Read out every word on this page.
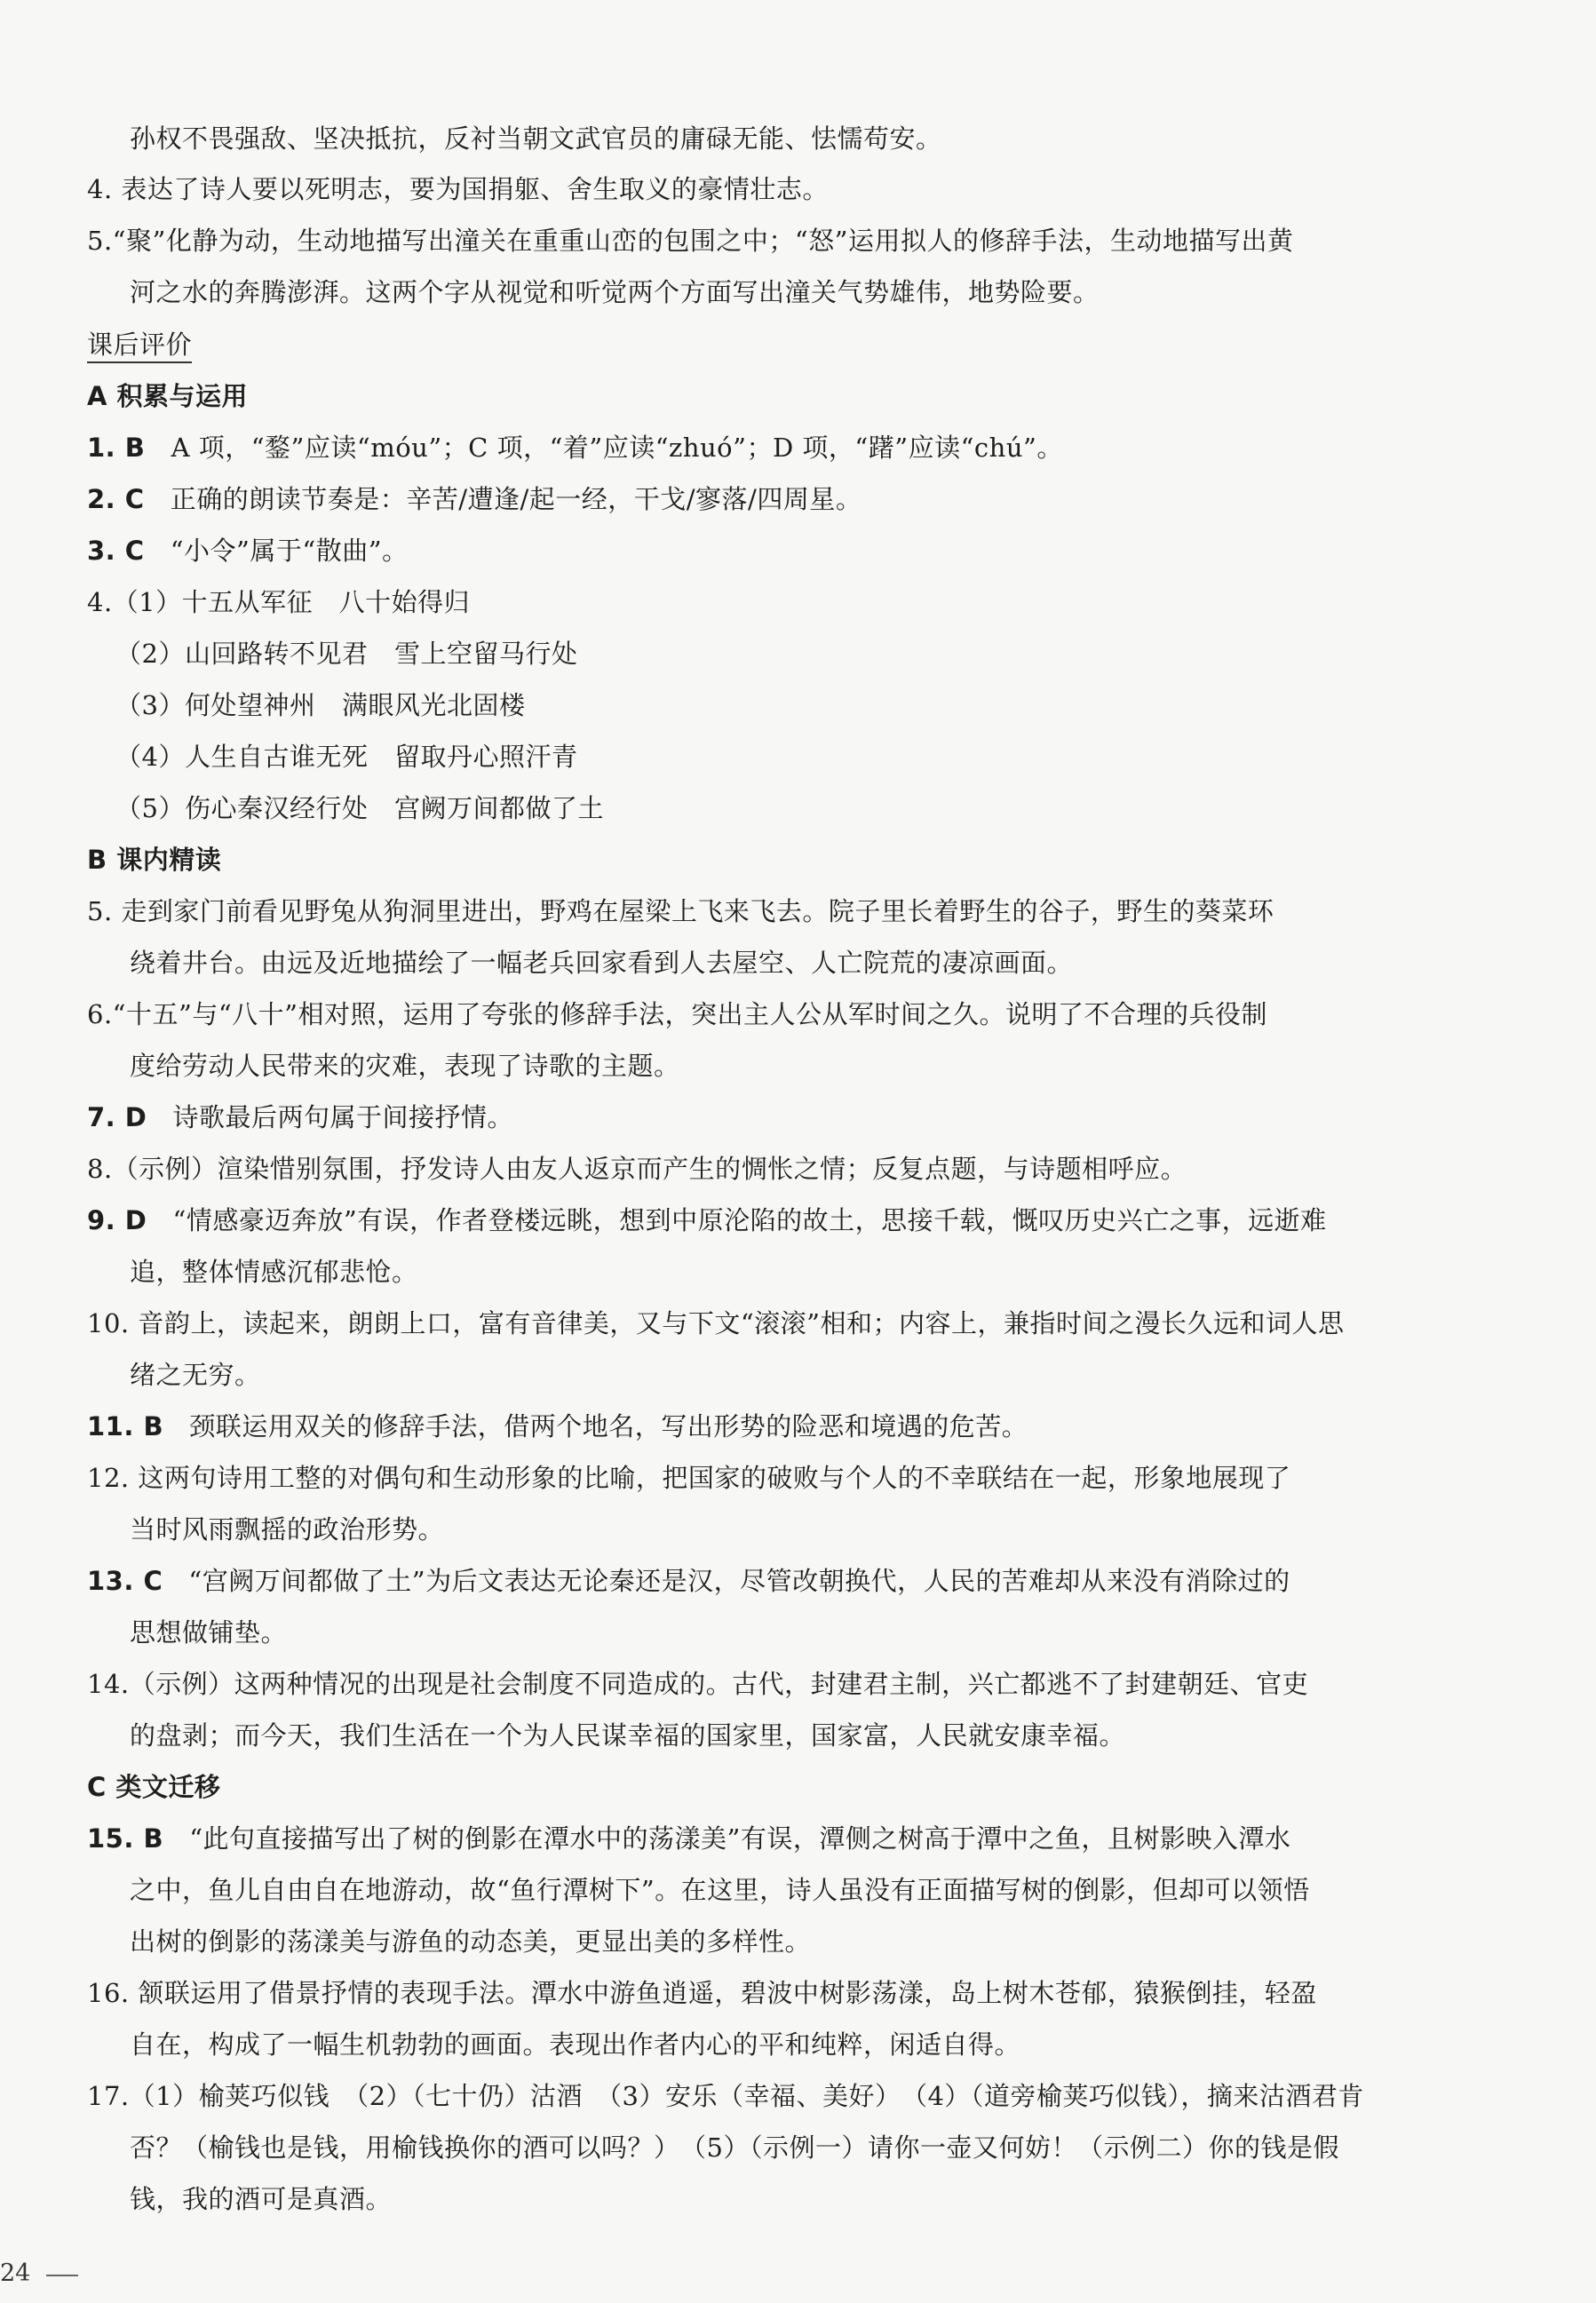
孙权不畏强敌、坚决抵抗，反衬当朝文武官员的庸碌无能、怯懦苟安。
4. 表达了诗人要以死明志，要为国捐躯、舍生取义的豪情壮志。
5.“聚”化静为动，生动地描写出潼关在重重山峦的包围之中；“怒”运用拟人的修辞手法，生动地描写出黄
河之水的奔腾澎湃。这两个字从视觉和听觉两个方面写出潼关气势雄伟，地势险要。
课后评价
A 积累与运用
1. B A 项，“鍪”应读“móu”；C 项，“着”应读“zhuó”；D 项，“躇”应读“chú”。
2. C 正确的朗读节奏是：辛苦/遭逢/起一经，干戈/寥落/四周星。
3. C “小令”属于“散曲”。
4.（1）十五从军征　八十始得归
（2）山回路转不见君　雪上空留马行处
（3）何处望神州　满眼风光北固楼
（4）人生自古谁无死　留取丹心照汗青
（5）伤心秦汉经行处　宫阙万间都做了土
B 课内精读
5. 走到家门前看见野兔从狗洞里进出，野鸡在屋梁上飞来飞去。院子里长着野生的谷子，野生的葵菜环
绕着井台。由远及近地描绘了一幅老兵回家看到人去屋空、人亡院荒的凄凉画面。
6.“十五”与“八十”相对照，运用了夸张的修辞手法，突出主人公从军时间之久。说明了不合理的兵役制
度给劳动人民带来的灾难，表现了诗歌的主题。
7. D 诗歌最后两句属于间接抒情。
8.（示例）渲染惜别氛围，抒发诗人由友人返京而产生的惆怅之情；反复点题，与诗题相呼应。
9. D “情感豪迈奔放”有误，作者登楼远眺，想到中原沦陷的故土，思接千载，慨叹历史兴亡之事，远逝难
追，整体情感沉郁悲怆。
10. 音韵上，读起来，朗朗上口，富有音律美，又与下文“滚滚”相和；内容上，兼指时间之漫长久远和词人思
绪之无穷。
11. B 颈联运用双关的修辞手法，借两个地名，写出形势的险恶和境遇的危苦。
12. 这两句诗用工整的对偶句和生动形象的比喻，把国家的破败与个人的不幸联结在一起，形象地展现了
当时风雨飘摇的政治形势。
13. C “宫阙万间都做了土”为后文表达无论秦还是汉，尽管改朝换代，人民的苦难却从来没有消除过的
思想做铺垫。
14.（示例）这两种情况的出现是社会制度不同造成的。古代，封建君主制，兴亡都逃不了封建朝廷、官吏
的盘剥；而今天，我们生活在一个为人民谋幸福的国家里，国家富，人民就安康幸福。
C 类文迁移
15. B “此句直接描写出了树的倒影在潭水中的荡漾美”有误，潭侧之树高于潭中之鱼，且树影映入潭水
之中，鱼儿自由自在地游动，故“鱼行潭树下”。在这里，诗人虽没有正面描写树的倒影，但却可以领悟
出树的倒影的荡漾美与游鱼的动态美，更显出美的多样性。
16. 颔联运用了借景抒情的表现手法。潭水中游鱼逍遥，碧波中树影荡漾，岛上树木苍郁，猿猴倒挂，轻盈
自在，构成了一幅生机勃勃的画面。表现出作者内心的平和纯粹，闲适自得。
17.（1）榆荚巧似钱　（2）（七十仍）沽酒　（3）安乐（幸福、美好）　（4）（道旁榆荚巧似钱），摘来沽酒君肯
否？（榆钱也是钱，用榆钱换你的酒可以吗？）　（5）（示例一）请你一壶又何妨！（示例二）你的钱是假
钱，我的酒可是真酒。
24
